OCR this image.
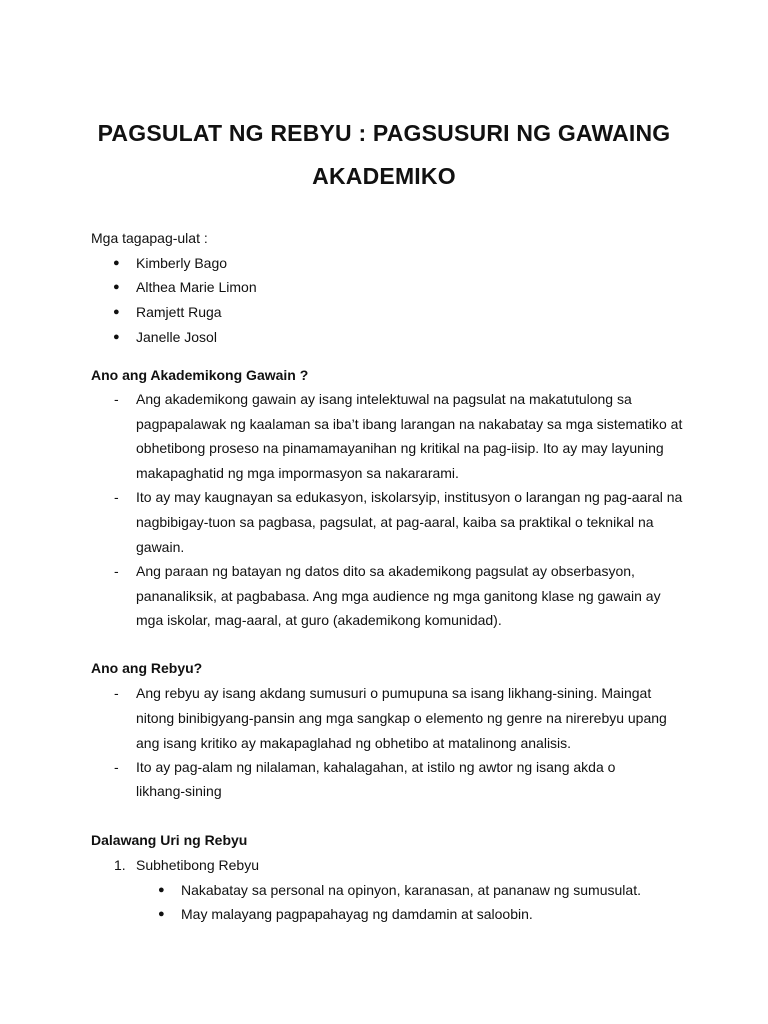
PAGSULAT NG REBYU : PAGSUSURI NG GAWAING
AKADEMIKO
Mga tagapag-ulat :
● Kimberly Bago
● Althea Marie Limon
● Ramjett Ruga
● Janelle Josol
Ano ang Akademikong Gawain ?
- Ang akademikong gawain ay isang intelektuwal na pagsulat na makatutulong sa
pagpapalawak ng kaalaman sa iba’t ibang larangan na nakabatay sa mga sistematiko at
obhetibong proseso na pinamamayanihan ng kritikal na pag-iisip. Ito ay may layuning
makapaghatid ng mga impormasyon sa nakararami.
- Ito ay may kaugnayan sa edukasyon, iskolarsyip, institusyon o larangan ng pag-aaral na
nagbibigay-tuon sa pagbasa, pagsulat, at pag-aaral, kaiba sa praktikal o teknikal na
gawain.
- Ang paraan ng batayan ng datos dito sa akademikong pagsulat ay obserbasyon,
pananaliksik, at pagbabasa. Ang mga audience ng mga ganitong klase ng gawain ay
mga iskolar, mag-aaral, at guro (akademikong komunidad).
Ano ang Rebyu?
- Ang rebyu ay isang akdang sumusuri o pumupuna sa isang likhang-sining. Maingat
nitong binibigyang-pansin ang mga sangkap o elemento ng genre na nirerebyu upang
ang isang kritiko ay makapaglahad ng obhetibo at matalinong analisis.
- Ito ay pag-alam ng nilalaman, kahalagahan, at istilo ng awtor ng isang akda o
likhang-sining
Dalawang Uri ng Rebyu
1. Subhetibong Rebyu
● Nakabatay sa personal na opinyon, karanasan, at pananaw ng sumusulat.
● May malayang pagpapahayag ng damdamin at saloobin.
